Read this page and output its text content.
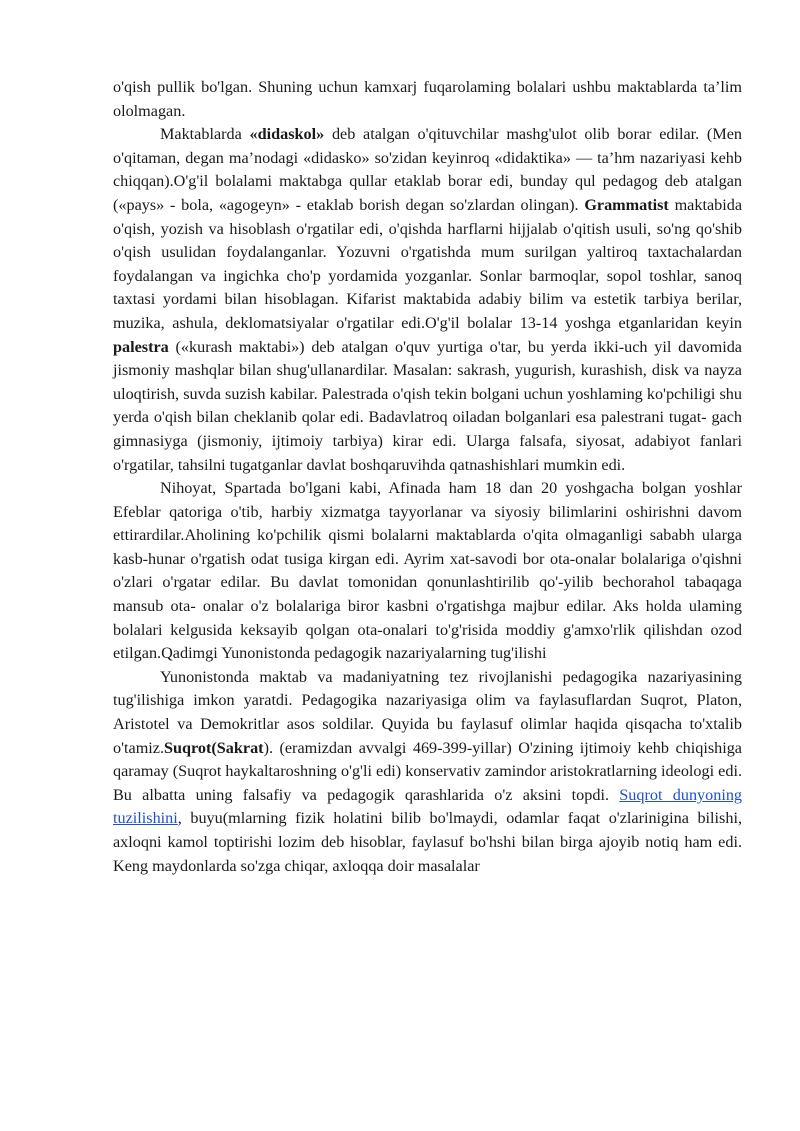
o'qish pullik bo'lgan. Shuning uchun kamxarj fuqarolaming bolalari ushbu maktablarda ta’lim ololmagan.

Maktablarda «didaskol» deb atalgan o'qituvchilar mashg'ulot olib borar edilar. (Men o'qitaman, degan ma’nodagi «didasko» so'zidan keyinroq «didaktika» — ta’hm nazariyasi kehb chiqqan).O'g'il bolalami maktabga qullar etaklab borar edi, bunday qul pedagog deb atalgan («pays» - bola, «agogeyn» - etaklab borish degan so'zlardan olingan). Grammatist maktabida o'qish, yozish va hisoblash o'rgatilar edi, o'qishda harflarni hijjalab o'qitish usuli, so'ng qo'shib o'qish usulidan foydalanganlar. Yozuvni o'rgatishda mum surilgan yaltiroq taxtachalardan foydalangan va ingichka cho'p yordamida yozganlar. Sonlar barmoqlar, sopol toshlar, sanoq taxtasi yordami bilan hisoblagan. Kifarist maktabida adabiy bilim va estetik tarbiya berilar, muzika, ashula, deklomatsiyalar o'rgatilar edi.O'g'il bolalar 13-14 yoshga etganlaridan keyin palestra («kurash maktabi») deb atalgan o'quv yurtiga o'tar, bu yerda ikki-uch yil davomida jismoniy mashqlar bilan shug'ullanardilar. Masalan: sakrash, yugurish, kurashish, disk va nayza uloqtirish, suvda suzish kabilar. Palestrada o'qish tekin bolgani uchun yoshlaming ko'pchiligi shu yerda o'qish bilan cheklanib qolar edi. Badavlatroq oiladan bolganlari esa palestrani tugat- gach gimnasiyga (jismoniy, ijtimoiy tarbiya) kirar edi. Ularga falsafa, siyosat, adabiyot fanlari o'rgatilar, tahsilni tugatganlar davlat boshqaruvihda qatnashishlari mumkin edi.

Nihoyat, Spartada bo'lgani kabi, Afinada ham 18 dan 20 yoshgacha bolgan yoshlar Efeblar qatoriga o'tib, harbiy xizmatga tayyorlanar va siyosiy bilimlarini oshirishni davom ettirardilar.Aholining ko'pchilik qismi bolalarni maktablarda o'qita olmaganligi sababh ularga kasb-hunar o'rgatish odat tusiga kirgan edi. Ayrim xat-savodi bor ota-onalar bolalariga o'qishni o'zlari o'rgatar edilar. Bu davlat tomonidan qonunlashtirilib qo'-yilib bechorahol tabaqaga mansub ota- onalar o'z bolalariga biror kasbni o'rgatishga majbur edilar. Aks holda ulaming bolalari kelgusida keksayib qolgan ota-onalari to'g'risida moddiy g'amxo'rlik qilishdan ozod etilgan.Qadimgi Yunonistonda pedagogik nazariyalarning tug'ilishi

Yunonistonda maktab va madaniyatning tez rivojlanishi pedagogika nazariyasining tug'ilishiga imkon yaratdi. Pedagogika nazariyasiga olim va faylasuflardan Suqrot, Platon, Aristotel va Demokritlar asos soldilar. Quyida bu faylasuf olimlar haqida qisqacha to'xtalib o'tamiz.Suqrot(Sakrat). (eramizdan avvalgi 469-399-yillar) O'zining ijtimoiy kehb chiqishiga qaramay (Suqrot haykaltaroshning o'g'li edi) konservativ zamindor aristokratlarning ideologi edi. Bu albatta uning falsafiy va pedagogik qarashlarida o'z aksini topdi. Suqrot dunyoning tuzilishini, buyu(mlarning fizik holatini bilib bo'lmaydi, odamlar faqat o'zlarinigina bilishi, axloqni kamol toptirishi lozim deb hisoblar, faylasuf bo'hshi bilan birga ajoyib notiq ham edi. Keng maydonlarda so'zga chiqar, axloqqa doir masalalar
